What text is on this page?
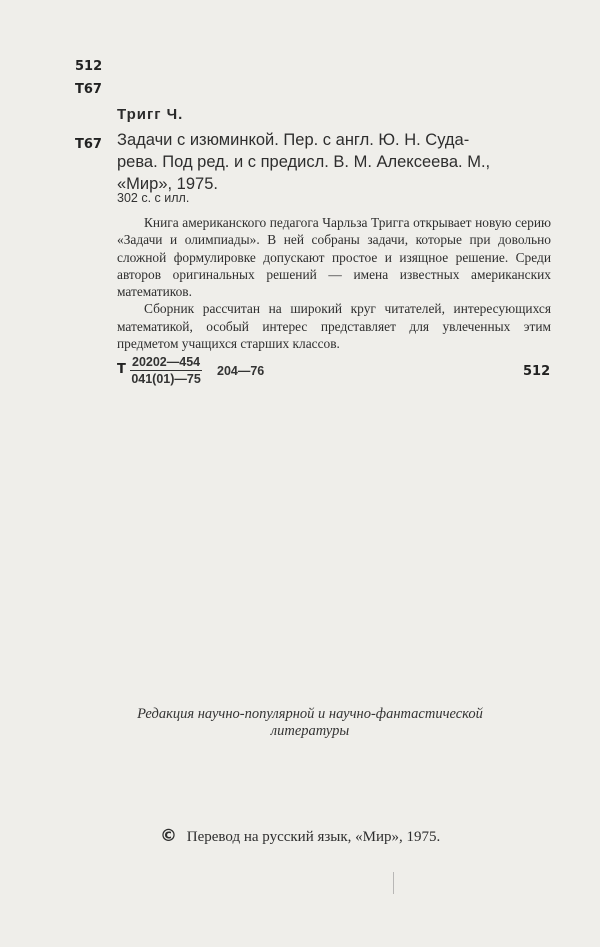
512
Т67
Тригг Ч.
Т67 Задачи с изюминкой. Пер. с англ. Ю. Н. Суда-
рева. Под ред. и с предисл. В. М. Алексеева. М.,
«Мир», 1975.
302 с. с илл.

Книга американского педагога Чарльза Тригга открывает новую серию «Задачи и олимпиады». В ней собраны задачи, которые при довольно сложной формулировке допускают простое и изящное решение. Среди авторов оригинальных решений — имена известных американских математиков.

Сборник рассчитан на широкий круг читателей, интересующихся математикой, особый интерес представляет для увлеченных этим предметом учащихся старших классов.

Т $\frac{20202—454}{041(01)—75}$ 204—76	512
Редакция научно-популярной и научно-фантастической
литературы
© Перевод на русский язык, «Мир», 1975.
